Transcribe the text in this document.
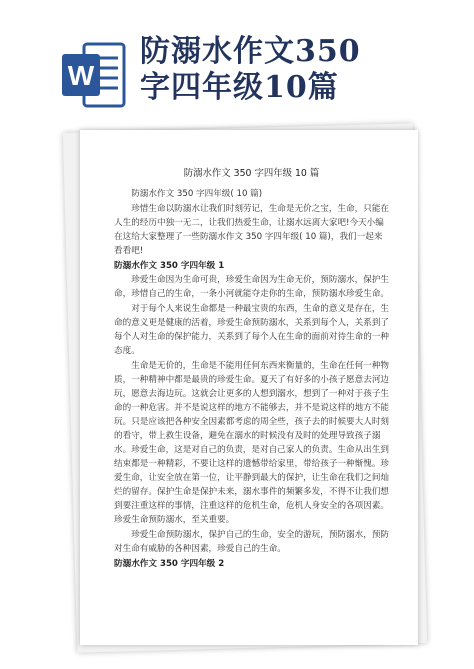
W
防溺水作文350
字四年级10篇
防溺水作文 350 字四年级 10 篇
防溺水作文 350 字四年级( 10 篇)
珍惜生命以防溺水让我们时刻劳记，生命是无价之宝，生命，只能在人生的经历中独一无二，让我们热爱生命，让溺水远离大家吧!今天小编在这给大家整理了一些防溺水作文 350 字四年级( 10 篇)，我们一起来看看吧!
防溺水作文 350 字四年级 1
珍爱生命因为生命可贵，珍爱生命因为生命无价，预防溺水，保护生命，珍惜自己的生命，一条小河就能夺走你的生命，预防溺水珍爱生命。
对于每个人来说生命都是一种最宝贵的东西，生命的意义是存在，生命的意义更是健康的活着，珍爱生命预防溺水，关系到每个人，关系到了每个人对生命的保护能力，关系到了每个人在生命的面前对待生命的一种态度。
生命是无价的，生命是不能用任何东西来衡量的，生命在任何一种物质，一种精神中都是最贵的珍爱生命。夏天了有好多的小孩子愿意去河边玩，愿意去海边玩。这就会让更多的人想到溺水，想到了一种对于孩子生命的一种危害。并不是说这样的地方不能够去，并不是说这样的地方不能玩。只是应该把各种安全因素都考虑的周全些，孩子去的时候要大人时刻的看守，带上救生设备，避免在溺水的时候没有及时的处理导致孩子溺水。珍爱生命，这是对自己的负责，是对自己家人的负责。生命从出生到结束都是一种精彩，不要让这样的遗憾带给家里，带给孩子一种惭愧。珍爱生命，让安全放在第一位，让平静到最大的保护，让生命在我们之间灿烂的留存。保护生命是保护未来，溺水事件的频繁多发，不得不让我们想到要注重这样的事情，注重这样的危机生命，危机人身安全的各项因素。珍爱生命预防溺水，至关重要。
珍爱生命预防溺水，保护自己的生命，安全的游玩，预防溺水，预防对生命有威胁的各种因素，珍爱自己的生命。
防溺水作文 350 字四年级 2
